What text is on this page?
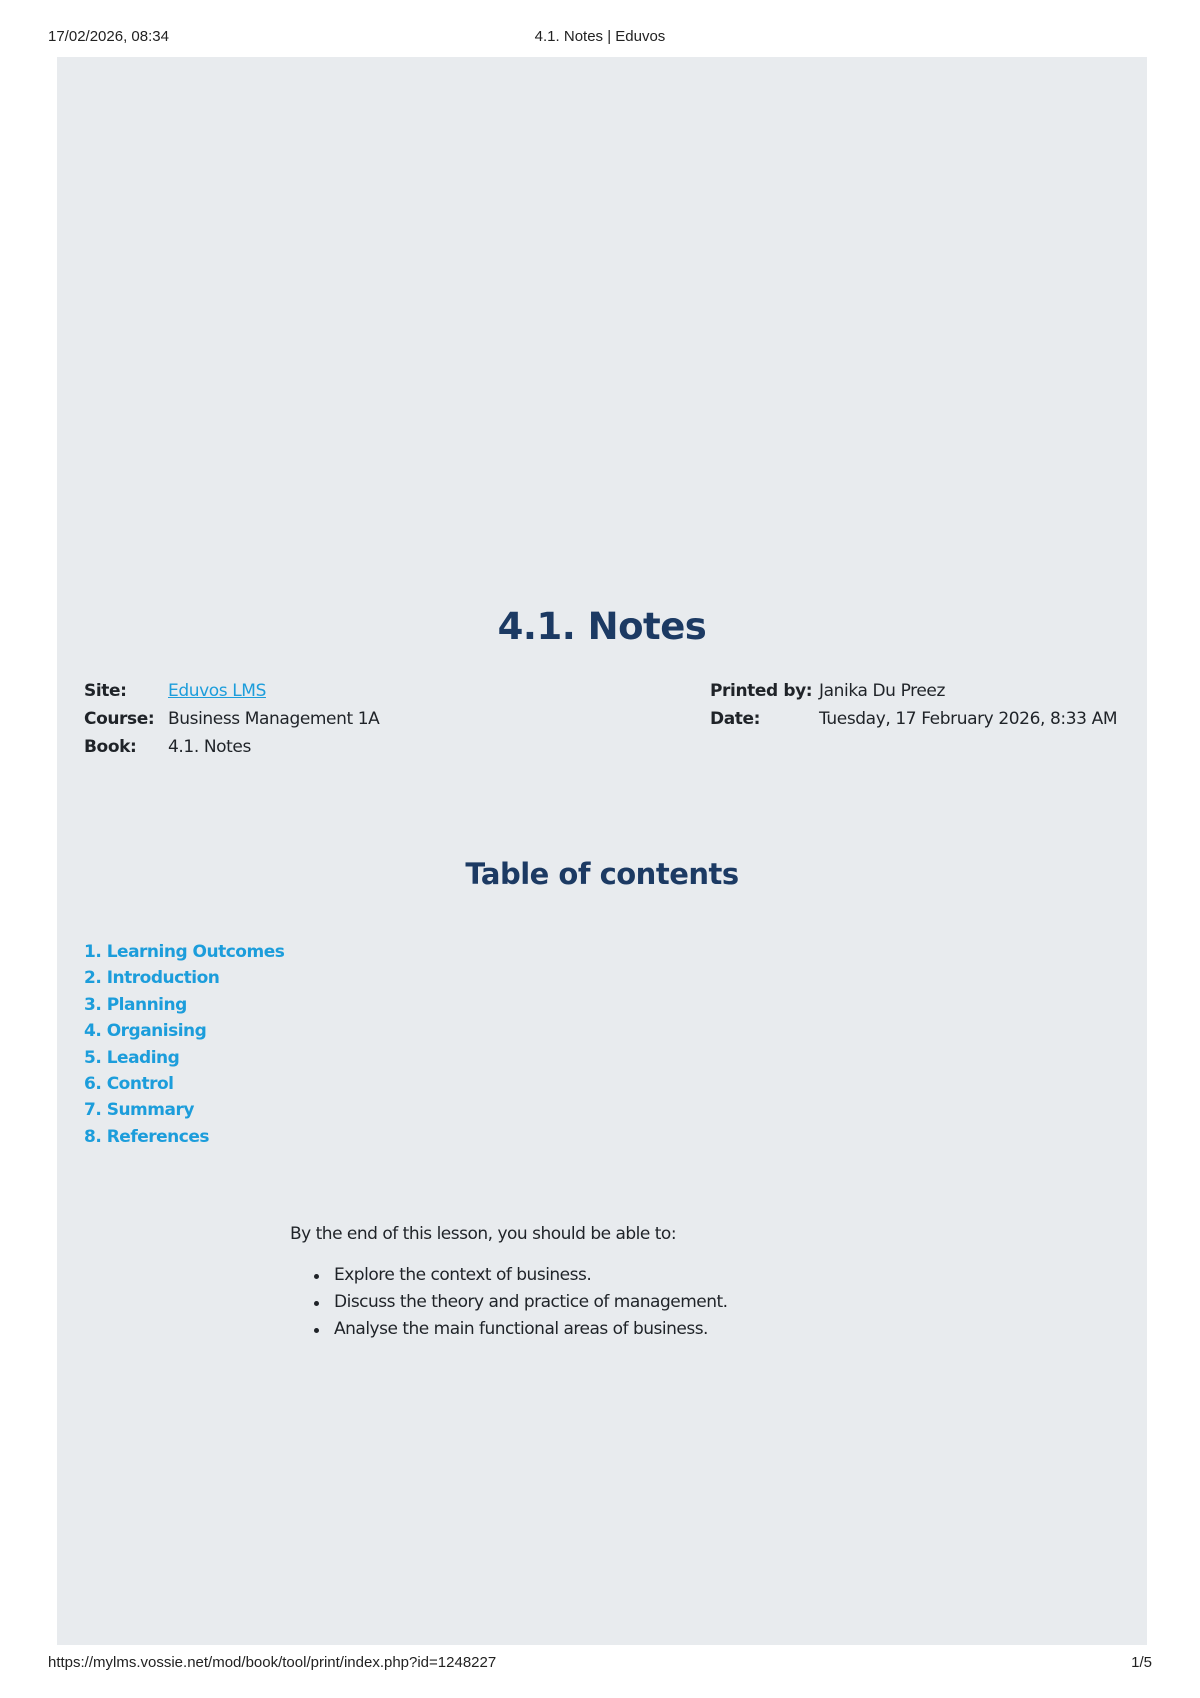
17/02/2026, 08:34	4.1. Notes | Eduvos
4.1. Notes
Site: Eduvos LMS
Course: Business Management 1A
Book: 4.1. Notes
Printed by: Janika Du Preez
Date:	Tuesday, 17 February 2026, 8:33 AM
Table of contents
1. Learning Outcomes
2. Introduction
3. Planning
4. Organising
5. Leading
6. Control
7. Summary
8. References

By the end of this lesson, you should be able to:

Explore the context of business.
Discuss the theory and practice of management.
Analyse the main functional areas of business.
https://mylms.vossie.net/mod/book/tool/print/index.php?id=1248227	1/5
